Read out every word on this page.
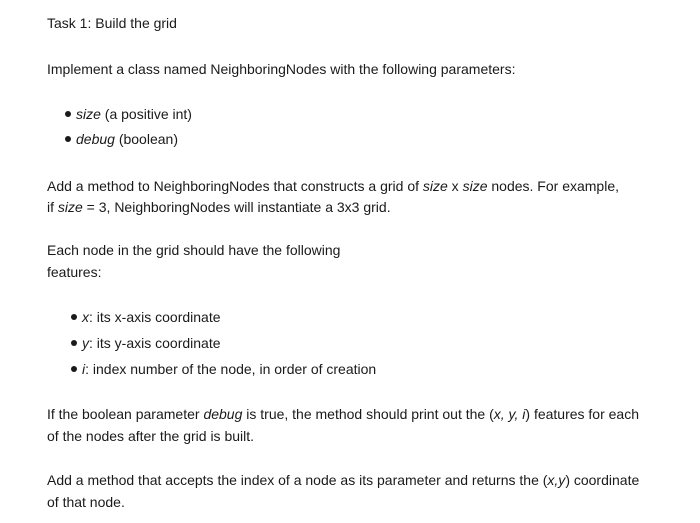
Task 1: Build the grid
Implement a class named NeighboringNodes with the following parameters:
size (a positive int)
debug (boolean)
Add a method to NeighboringNodes that constructs a grid of size x size nodes. For example,
if size = 3, NeighboringNodes will instantiate a 3x3 grid.
Each node in the grid should have the following
features:
x: its x-axis coordinate
y: its y-axis coordinate
i: index number of the node, in order of creation
If the boolean parameter debug is true, the method should print out the (x, y, i) features for each
of the nodes after the grid is built.
Add a method that accepts the index of a node as its parameter and returns the (x,y) coordinate
of that node.
